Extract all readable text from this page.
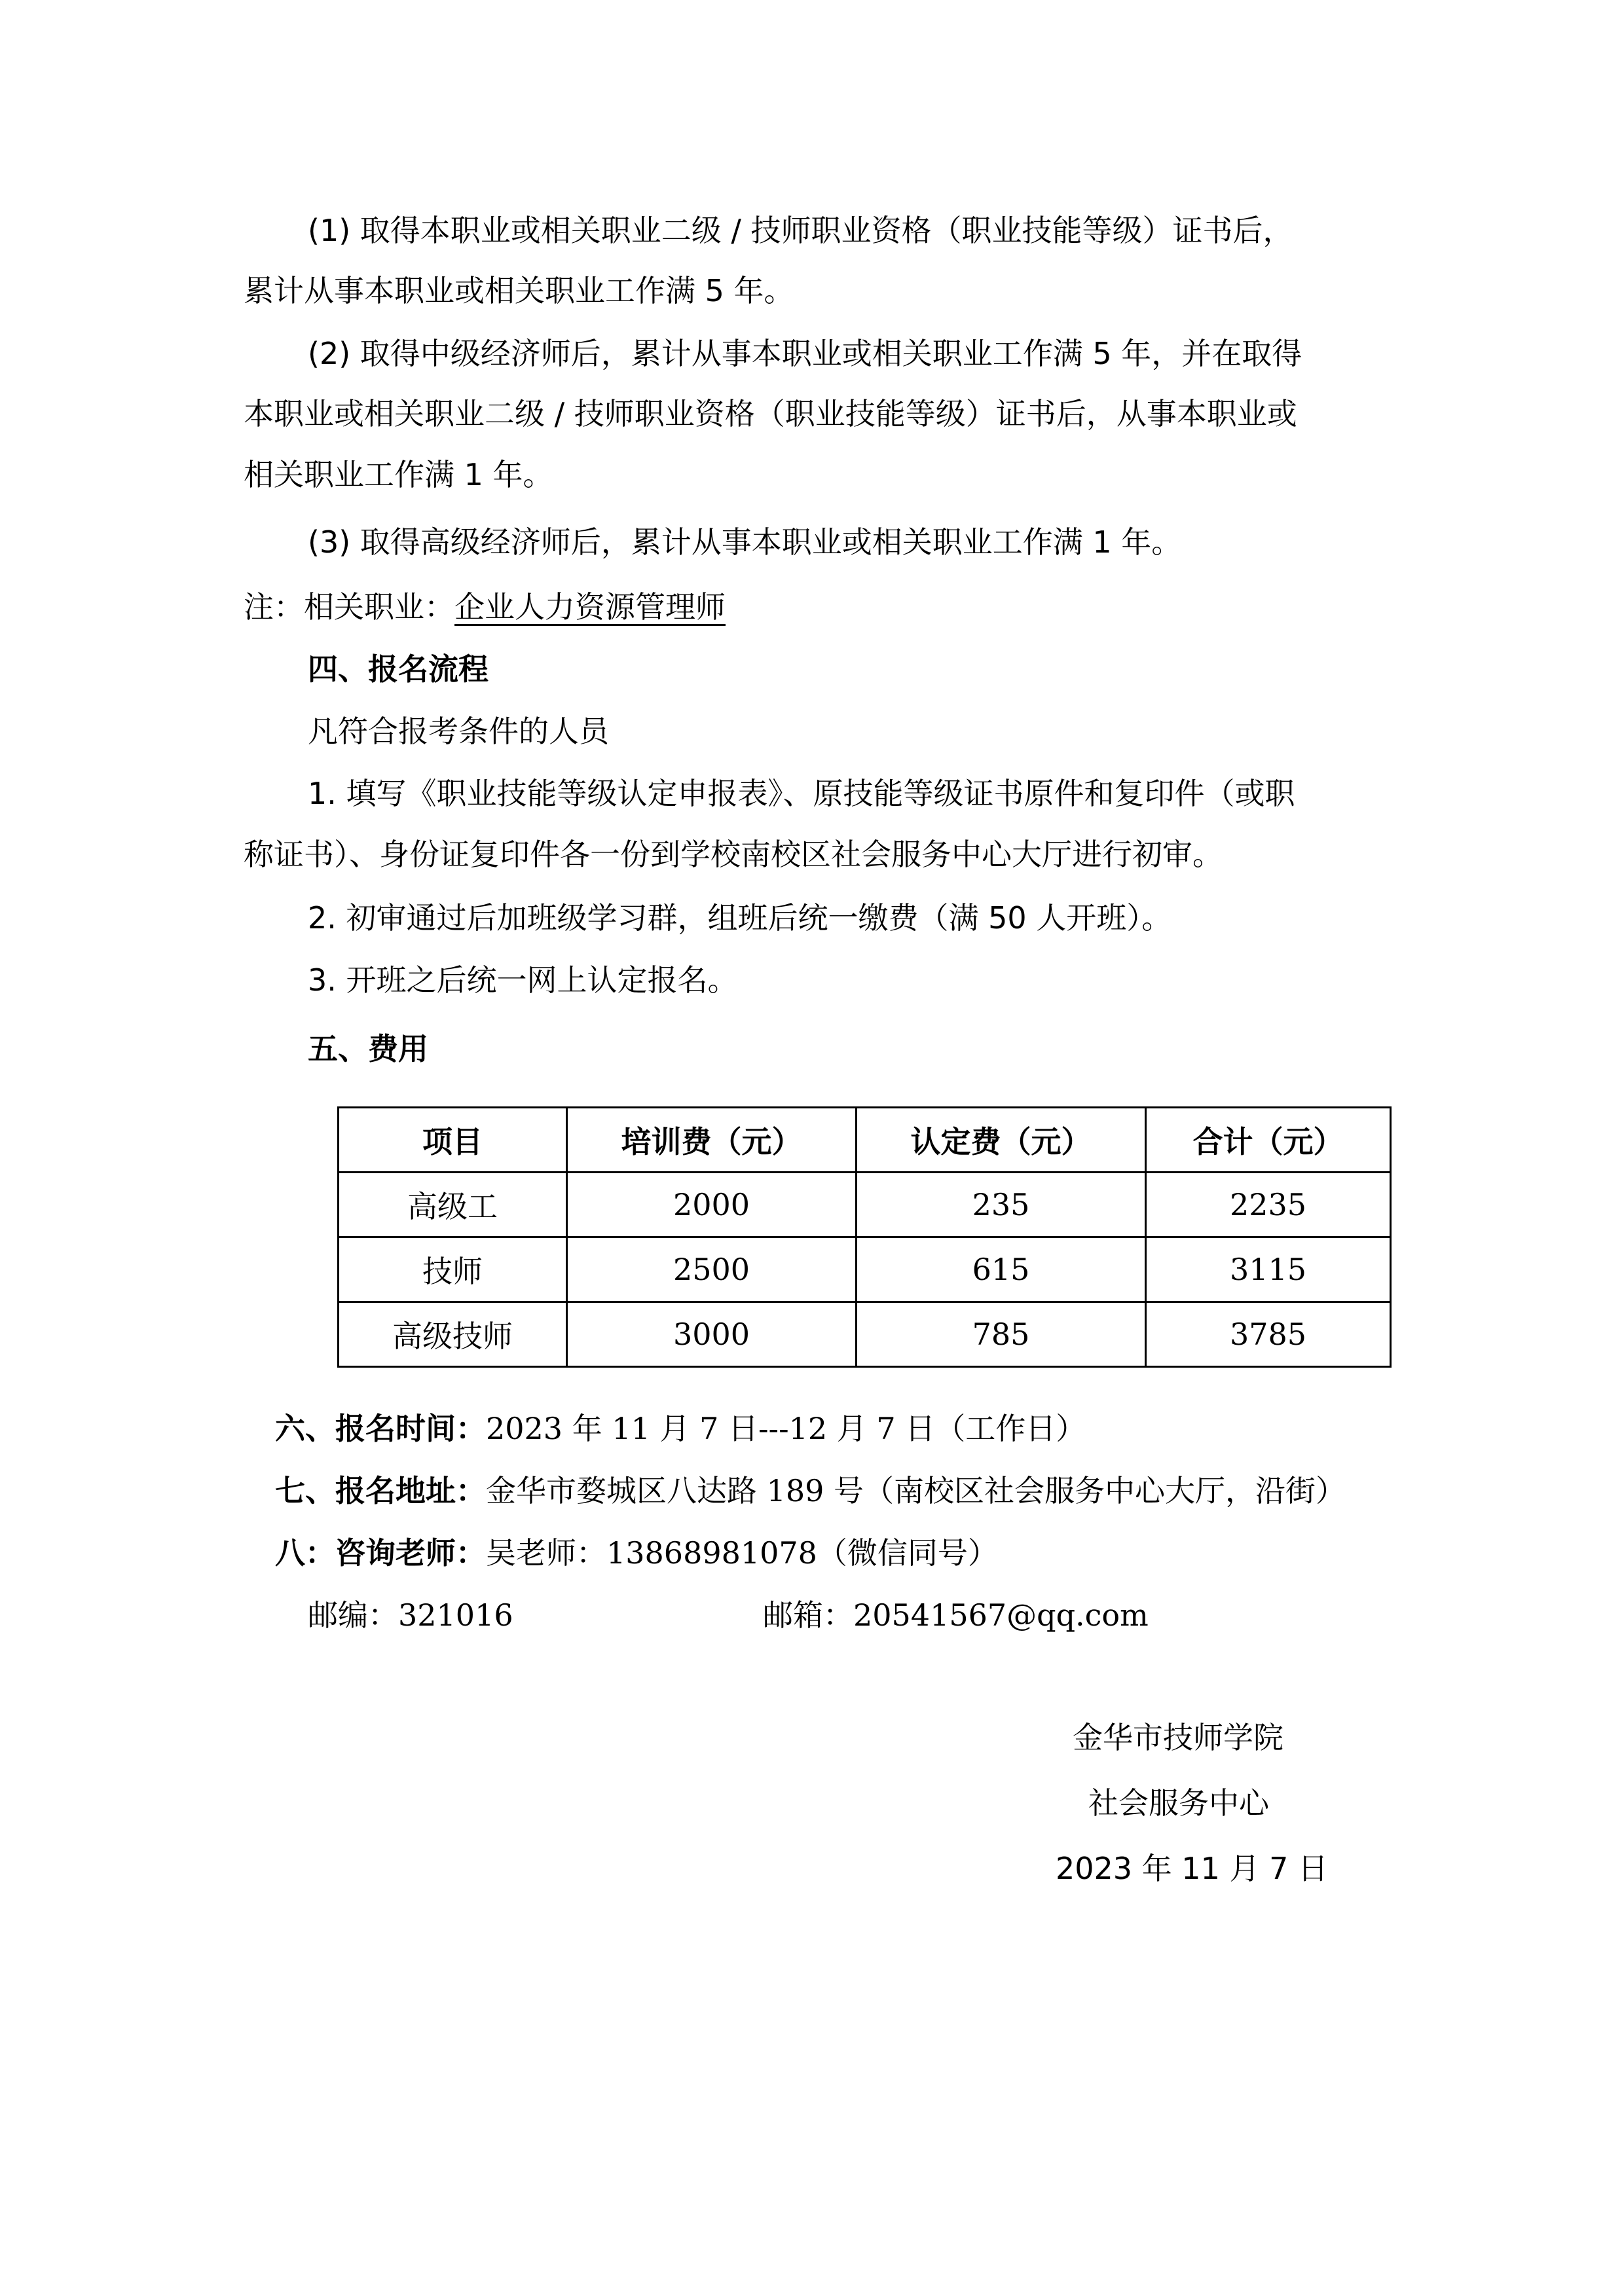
(1) 取得本职业或相关职业二级 / 技师职业资格（职业技能等级）证书后，
累计从事本职业或相关职业工作满 5 年。
(2) 取得中级经济师后，累计从事本职业或相关职业工作满 5 年，并在取得
本职业或相关职业二级 / 技师职业资格（职业技能等级）证书后，从事本职业或
相关职业工作满 1 年。
(3) 取得高级经济师后，累计从事本职业或相关职业工作满 1 年。
注：相关职业：企业人力资源管理师
四、报名流程
凡符合报考条件的人员
1. 填写《职业技能等级认定申报表》、原技能等级证书原件和复印件（或职
称证书）、身份证复印件各一份到学校南校区社会服务中心大厅进行初审。
2. 初审通过后加班级学习群，组班后统一缴费（满 50 人开班）。
3. 开班之后统一网上认定报名。
五、费用
项目	培训费（元）	认定费（元）	合计（元）
高级工	2000	235	2235
技师	2500	615	3115
高级技师	3000	785	3785
六、报名时间：2023 年 11 月 7 日---12 月 7 日（工作日）
七、报名地址：金华市婺城区八达路 189 号（南校区社会服务中心大厅，沿街）
八：咨询老师：吴老师：13868981078（微信同号）
邮编：321016	邮箱：20541567@qq.com
金华市技师学院
社会服务中心
2023 年 11 月 7 日
